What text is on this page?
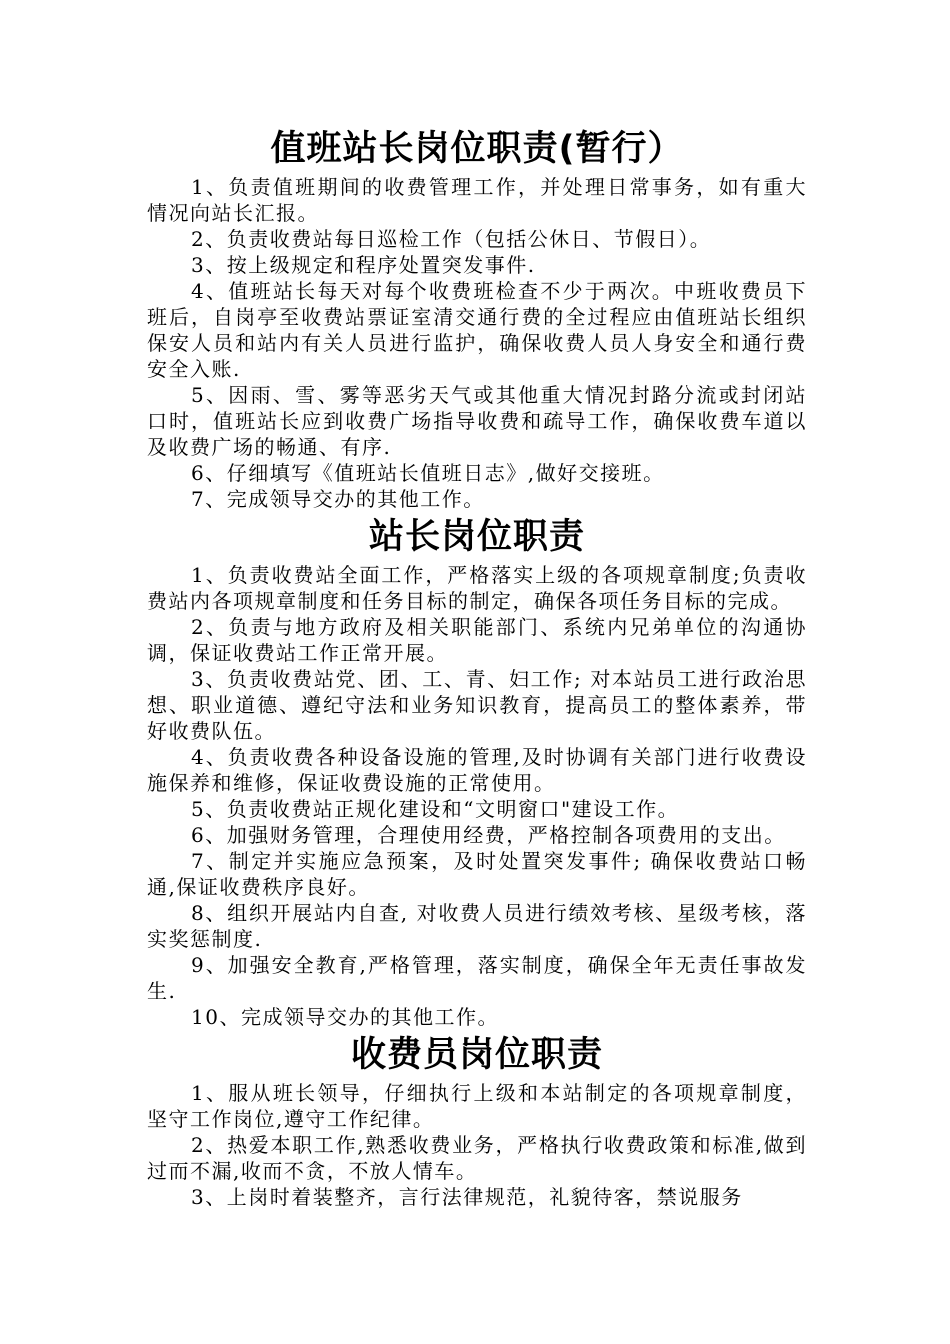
值班站长岗位职责(暂行）

1、负责值班期间的收费管理工作，并处理日常事务，如有重大情况向站长汇报。

2、负责收费站每日巡检工作（包括公休日、节假日）。

3、按上级规定和程序处置突发事件.

4、值班站长每天对每个收费班检查不少于两次。中班收费员下班后，自岗亭至收费站票证室清交通行费的全过程应由值班站长组织保安人员和站内有关人员进行监护，确保收费人员人身安全和通行费安全入账.

5、因雨、雪、雾等恶劣天气或其他重大情况封路分流或封闭站口时，值班站长应到收费广场指导收费和疏导工作，确保收费车道以及收费广场的畅通、有序.

6、仔细填写《值班站长值班日志》,做好交接班。

7、完成领导交办的其他工作。

站长岗位职责

1、负责收费站全面工作，严格落实上级的各项规章制度;负责收费站内各项规章制度和任务目标的制定，确保各项任务目标的完成。

2、负责与地方政府及相关职能部门、系统内兄弟单位的沟通协调，保证收费站工作正常开展。

3、负责收费站党、团、工、青、妇工作; 对本站员工进行政治思想、职业道德、遵纪守法和业务知识教育，提高员工的整体素养，带好收费队伍。

4、负责收费各种设备设施的管理,及时协调有关部门进行收费设施保养和维修，保证收费设施的正常使用。

5、负责收费站正规化建设和“文明窗口"建设工作。

6、加强财务管理，合理使用经费，严格控制各项费用的支出。

7、制定并实施应急预案，及时处置突发事件; 确保收费站口畅通,保证收费秩序良好。

8、组织开展站内自查, 对收费人员进行绩效考核、星级考核，落实奖惩制度.

9、加强安全教育,严格管理，落实制度，确保全年无责任事故发生.

10、完成领导交办的其他工作。

收费员岗位职责

1、服从班长领导，仔细执行上级和本站制定的各项规章制度，坚守工作岗位,遵守工作纪律。

2、热爱本职工作,熟悉收费业务，严格执行收费政策和标准,做到过而不漏,收而不贪，不放人情车。

3、上岗时着装整齐，言行法律规范，礼貌待客，禁说服务
